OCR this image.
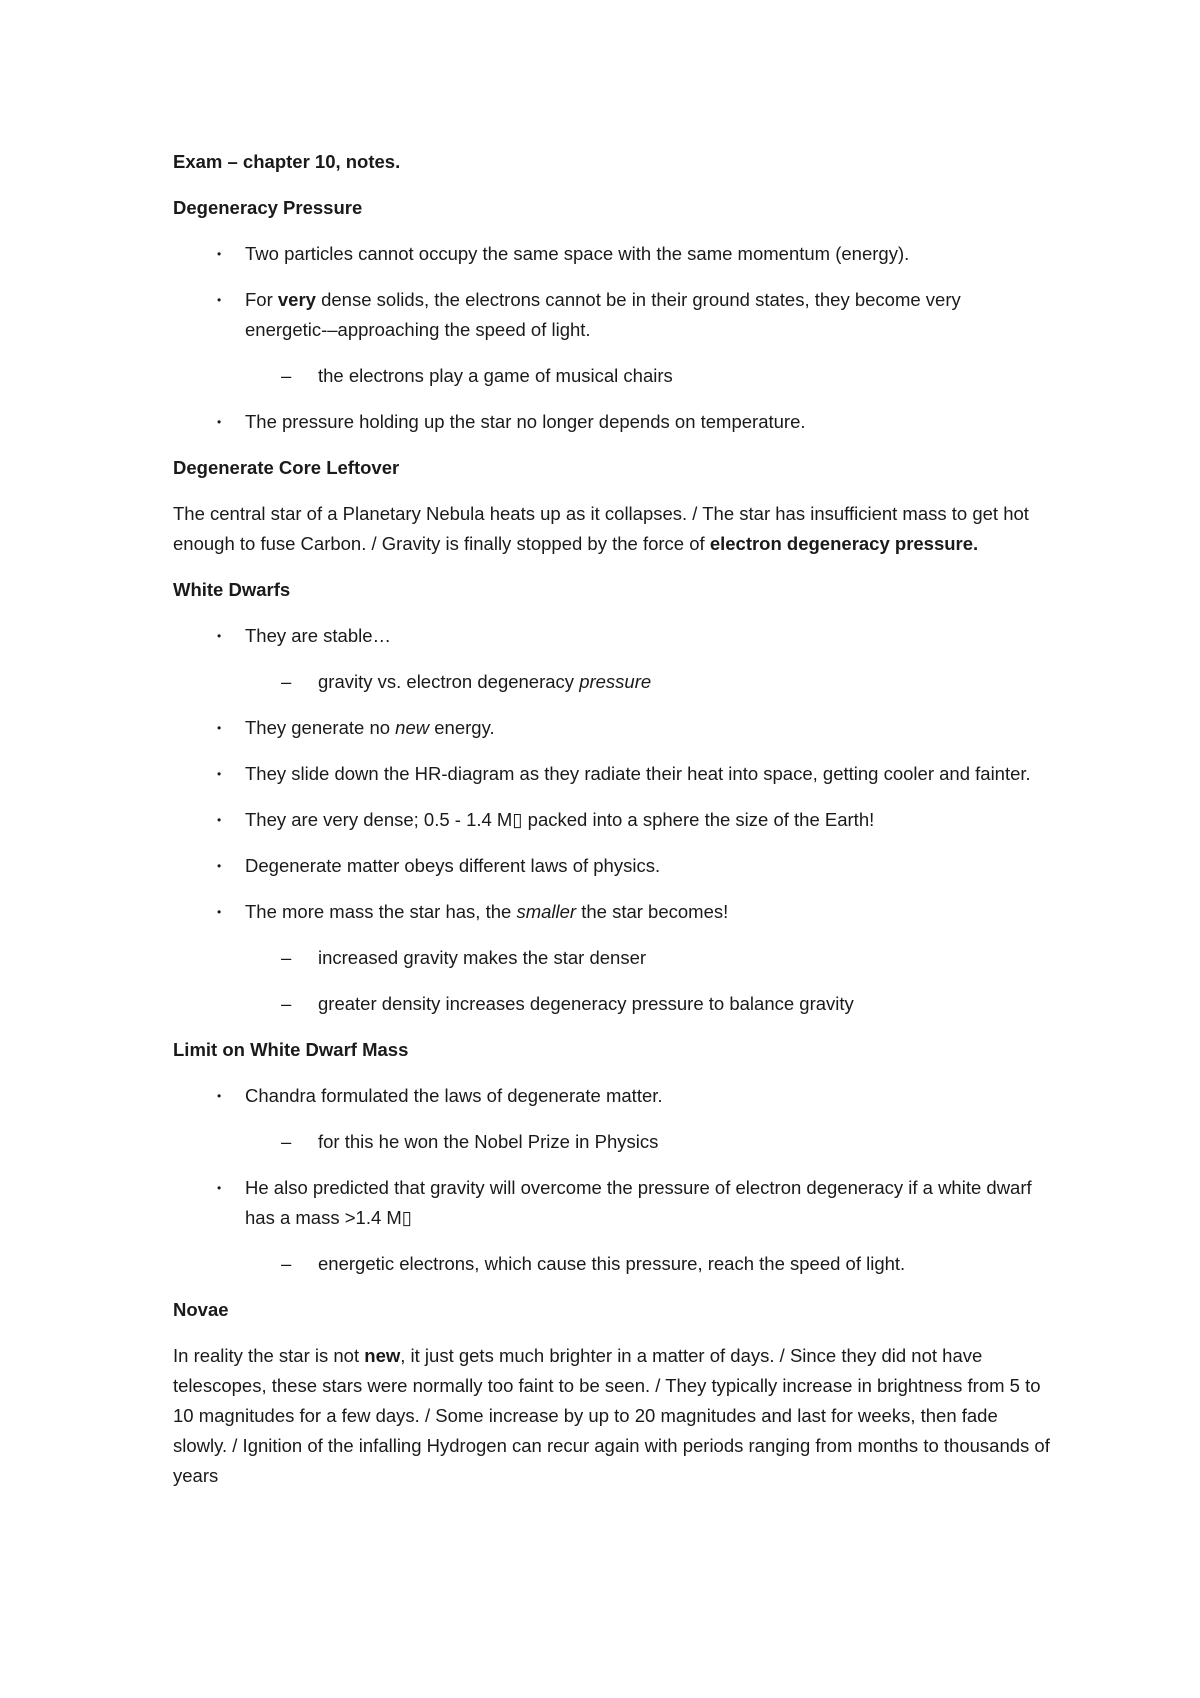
Exam – chapter 10, notes.

Degeneracy Pressure

• Two particles cannot occupy the same space with the same momentum (energy).
• For very dense solids, the electrons cannot be in their ground states, they become very energetic-–approaching the speed of light.
– the electrons play a game of musical chairs
• The pressure holding up the star no longer depends on temperature.

Degenerate Core Leftover

The central star of a Planetary Nebula heats up as it collapses. / The star has insufficient mass to get hot enough to fuse Carbon. / Gravity is finally stopped by the force of electron degeneracy pressure.

White Dwarfs

• They are stable…
– gravity vs. electron degeneracy pressure
• They generate no new energy.
• They slide down the HR-diagram as they radiate their heat into space, getting cooler and fainter.
• They are very dense; 0.5 - 1.4 M▯ packed into a sphere the size of the Earth!
• Degenerate matter obeys different laws of physics.
• The more mass the star has, the smaller the star becomes!
– increased gravity makes the star denser
– greater density increases degeneracy pressure to balance gravity

Limit on White Dwarf Mass

• Chandra formulated the laws of degenerate matter.
– for this he won the Nobel Prize in Physics
• He also predicted that gravity will overcome the pressure of electron degeneracy if a white dwarf has a mass >1.4 M▯
– energetic electrons, which cause this pressure, reach the speed of light.

Novae

In reality the star is not new, it just gets much brighter in a matter of days. / Since they did not have telescopes, these stars were normally too faint to be seen. / They typically increase in brightness from 5 to 10 magnitudes for a few days. / Some increase by up to 20 magnitudes and last for weeks, then fade slowly. / Ignition of the infalling Hydrogen can recur again with periods ranging from months to thousands of years
